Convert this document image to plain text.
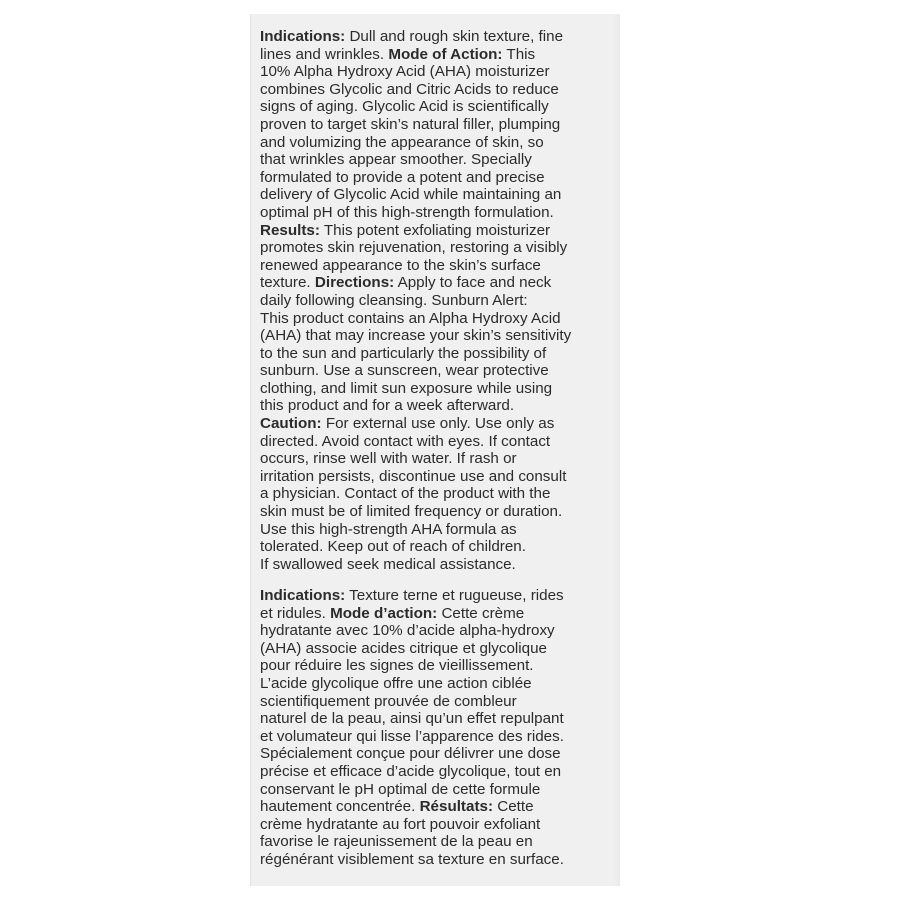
Indications: Dull and rough skin texture, fine
lines and wrinkles. Mode of Action: This
10% Alpha Hydroxy Acid (AHA) moisturizer
combines Glycolic and Citric Acids to reduce
signs of aging. Glycolic Acid is scientifically
proven to target skin’s natural filler, plumping
and volumizing the appearance of skin, so
that wrinkles appear smoother. Specially
formulated to provide a potent and precise
delivery of Glycolic Acid while maintaining an
optimal pH of this high-strength formulation.
Results: This potent exfoliating moisturizer
promotes skin rejuvenation, restoring a visibly
renewed appearance to the skin’s surface
texture. Directions: Apply to face and neck
daily following cleansing. Sunburn Alert:
This product contains an Alpha Hydroxy Acid
(AHA) that may increase your skin’s sensitivity
to the sun and particularly the possibility of
sunburn. Use a sunscreen, wear protective
clothing, and limit sun exposure while using
this product and for a week afterward.
Caution: For external use only. Use only as
directed. Avoid contact with eyes. If contact
occurs, rinse well with water. If rash or
irritation persists, discontinue use and consult
a physician. Contact of the product with the
skin must be of limited frequency or duration.
Use this high-strength AHA formula as
tolerated. Keep out of reach of children.
If swallowed seek medical assistance.
Indications: Texture terne et rugueuse, rides
et ridules. Mode d’action: Cette crème
hydratante avec 10% d’acide alpha-hydroxy
(AHA) associe acides citrique et glycolique
pour réduire les signes de vieillissement.
L’acide glycolique offre une action ciblée
scientifiquement prouvée de combleur
naturel de la peau, ainsi qu’un effet repulpant
et volumateur qui lisse l’apparence des rides.
Spécialement conçue pour délivrer une dose
précise et efficace d’acide glycolique, tout en
conservant le pH optimal de cette formule
hautement concentrée. Résultats: Cette
crème hydratante au fort pouvoir exfoliant
favorise le rajeunissement de la peau en
régénérant visiblement sa texture en surface.
